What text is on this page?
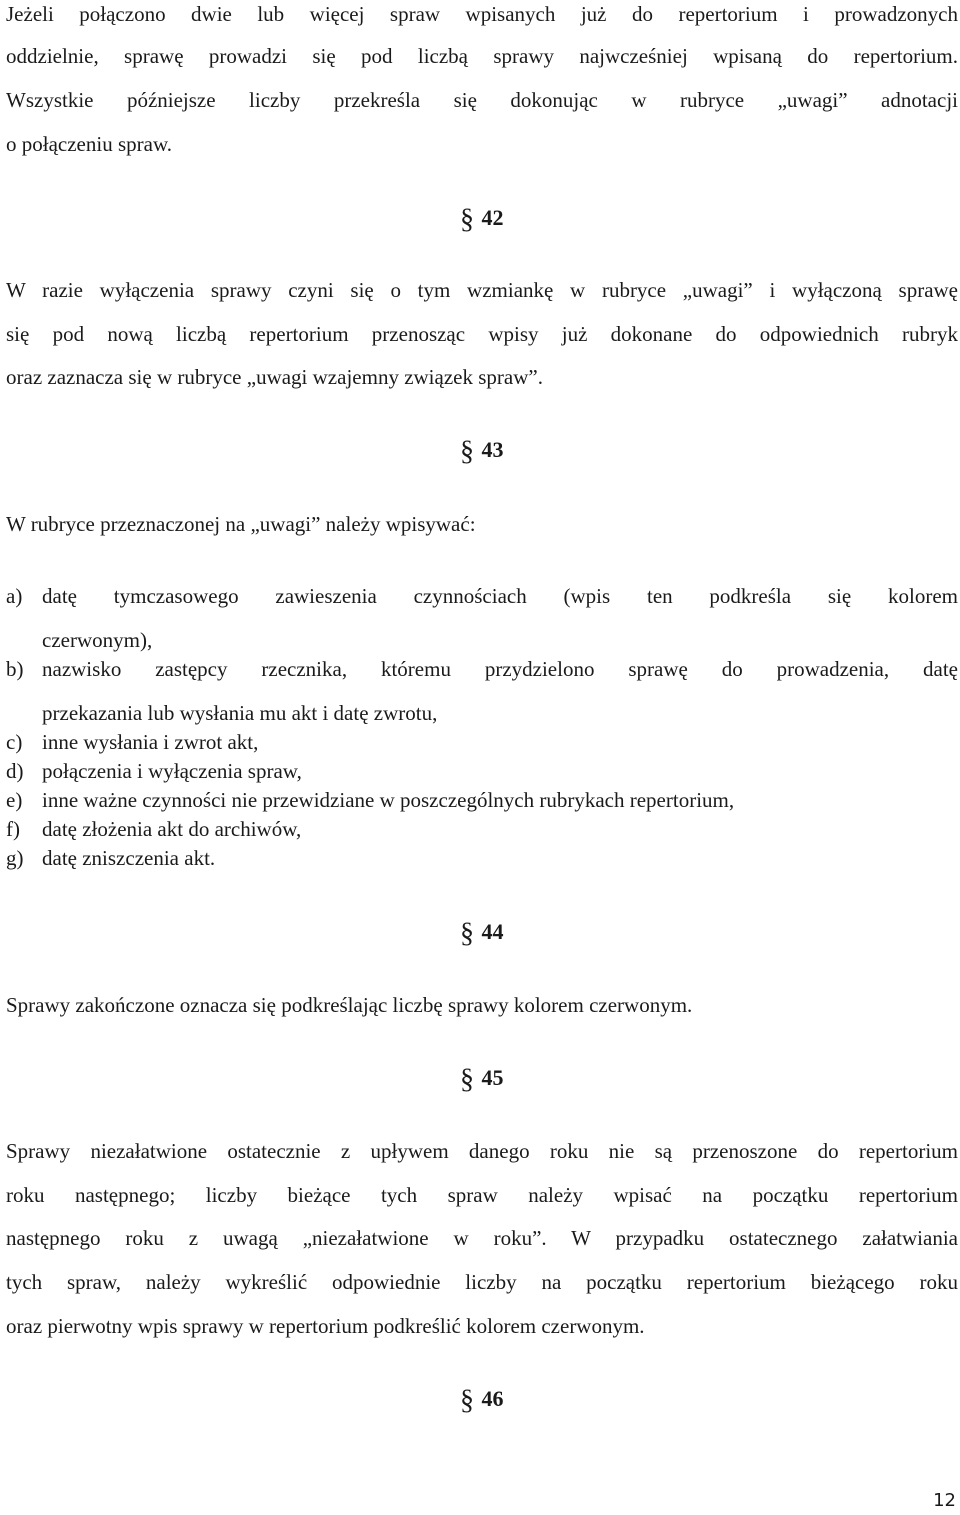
Jeżeli połączono dwie lub więcej spraw wpisanych już do repertorium i prowadzonych
oddzielnie, sprawę prowadzi się pod liczbą sprawy najwcześniej wpisaną do repertorium.
Wszystkie późniejsze liczby przekreśla się dokonując w rubryce „uwagi” adnotacji
o połączeniu spraw.
§ 42
W razie wyłączenia sprawy czyni się o tym wzmiankę w rubryce „uwagi” i wyłączoną sprawę
się pod nową liczbą repertorium przenosząc wpisy już dokonane do odpowiednich rubryk
oraz zaznacza się w rubryce „uwagi wzajemny związek spraw”.
§ 43
W rubryce przeznaczonej na „uwagi” należy wpisywać:
a) datę tymczasowego zawieszenia czynnościach (wpis ten podkreśla się kolorem
czerwonym),
b) nazwisko zastępcy rzecznika, któremu przydzielono sprawę do prowadzenia, datę
przekazania lub wysłania mu akt i datę zwrotu,
c) inne wysłania i zwrot akt,
d) połączenia i wyłączenia spraw,
e) inne ważne czynności nie przewidziane w poszczególnych rubrykach repertorium,
f) datę złożenia akt do archiwów,
g) datę zniszczenia akt.
§ 44
Sprawy zakończone oznacza się podkreślając liczbę sprawy kolorem czerwonym.
§ 45
Sprawy niezałatwione ostatecznie z upływem danego roku nie są przenoszone do repertorium
roku następnego; liczby bieżące tych spraw należy wpisać na początku repertorium
następnego roku z uwagą „niezałatwione w roku”. W przypadku ostatecznego załatwiania
tych spraw, należy wykreślić odpowiednie liczby na początku repertorium bieżącego roku
oraz pierwotny wpis sprawy w repertorium podkreślić kolorem czerwonym.
§ 46
12
